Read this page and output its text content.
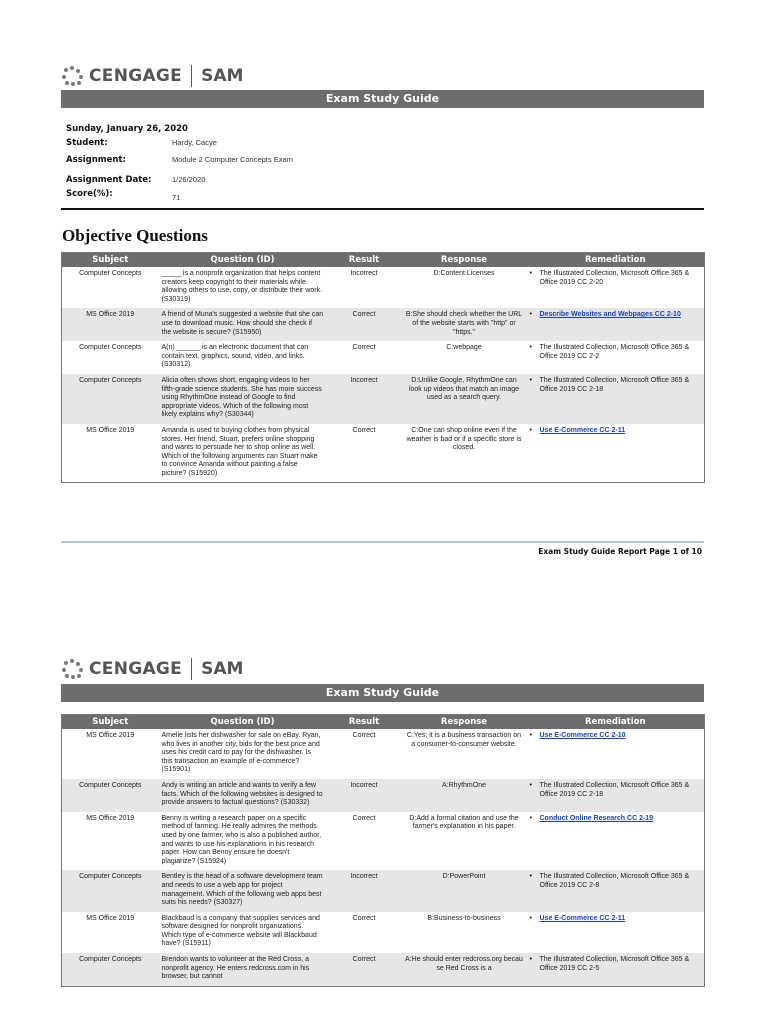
CENGAGE SAM
Exam Study Guide
Sunday, January 26, 2020
Student:	Hardy, Cacye
Assignment:	Module 2 Computer Concepts Exam
Assignment Date:	1/26/2020
Score(%):	71
Objective Questions
Subject	Question (ID)	Result	Response	Remediation
Computer Concepts	_____ is a nonprofit organization that helps content creators keep copyright to their materials while allowing others to use, copy, or distribute their work. (S30319)	Incorrect	D:Content Licenses	• The Illustrated Collection, Microsoft Office 365 & Office 2019 CC 2-20
MS Office 2019	A friend of Muna's suggested a website that she can use to download music. How should she check if the website is secure? (S15950)	Correct	B:She should check whether the URL of the website starts with "http" or "https."	• Describe Websites and Webpages CC 2-10
Computer Concepts	A(n) ______ is an electronic document that can contain text, graphics, sound, video, and links. (S30312)	Correct	C:webpage	• The Illustrated Collection, Microsoft Office 365 & Office 2019 CC 2-2
Computer Concepts	Alicia often shows short, engaging videos to her fifth-grade science students. She has more success using RhythmOne instead of Google to find appropriate videos. Which of the following most likely explains why? (S30344)	Incorrect	D:Unlike Google, RhythmOne can look up videos that match an image used as a search query.	• The Illustrated Collection, Microsoft Office 365 & Office 2019 CC 2-18
MS Office 2019	Amanda is used to buying clothes from physical stores. Her friend, Stuart, prefers online shopping and wants to persuade her to shop online as well. Which of the following arguments can Stuart make to convince Amanda without painting a false picture? (S15920)	Correct	C:One can shop online even if the weather is bad or if a specific store is closed.	• Use E-Commerce CC 2-11
Exam Study Guide Report Page 1 of 10
CENGAGE SAM
Exam Study Guide
Subject	Question (ID)	Result	Response	Remediation
MS Office 2019	Amelie lists her dishwasher for sale on eBay. Ryan, who lives in another city, bids for the best price and uses his credit card to pay for the dishwasher. Is this transaction an example of e-commerce? (S15901)	Correct	C:Yes; it is a business transaction on a consumer-to-consumer website.	• Use E-Commerce CC 2-10
Computer Concepts	Andy is writing an article and wants to verify a few facts. Which of the following websites is designed to provide answers to factual questions? (S30332)	Incorrect	A:RhythmOne	• The Illustrated Collection, Microsoft Office 365 & Office 2019 CC 2-18
MS Office 2019	Benny is writing a research paper on a specific method of farming. He really admires the methods used by one farmer, who is also a published author, and wants to use his explanations in his research paper. How can Benny ensure he doesn't plagiarize? (S15924)	Correct	D:Add a formal citation and use the farmer's explanation in his paper.	• Conduct Online Research CC 2-19
Computer Concepts	Bentley is the head of a software development team and needs to use a web app for project management. Which of the following web apps best suits his needs? (S30327)	Incorrect	D:PowerPoint	• The Illustrated Collection, Microsoft Office 365 & Office 2019 CC 2-8
MS Office 2019	Blackbaud is a company that supplies services and software designed for nonprofit organizations. Which type of e-commerce website will Blackbaud have? (S15911)	Correct	B:Business-to-business	• Use E-Commerce CC 2-11
Computer Concepts	Brendon wants to volunteer at the Red Cross, a nonprofit agency. He enters redcross.com in his browser, but cannot	Correct	A:He should enter redcross.org becau se Red Cross is a	• The Illustrated Collection, Microsoft Office 365 & Office 2019 CC 2-5
